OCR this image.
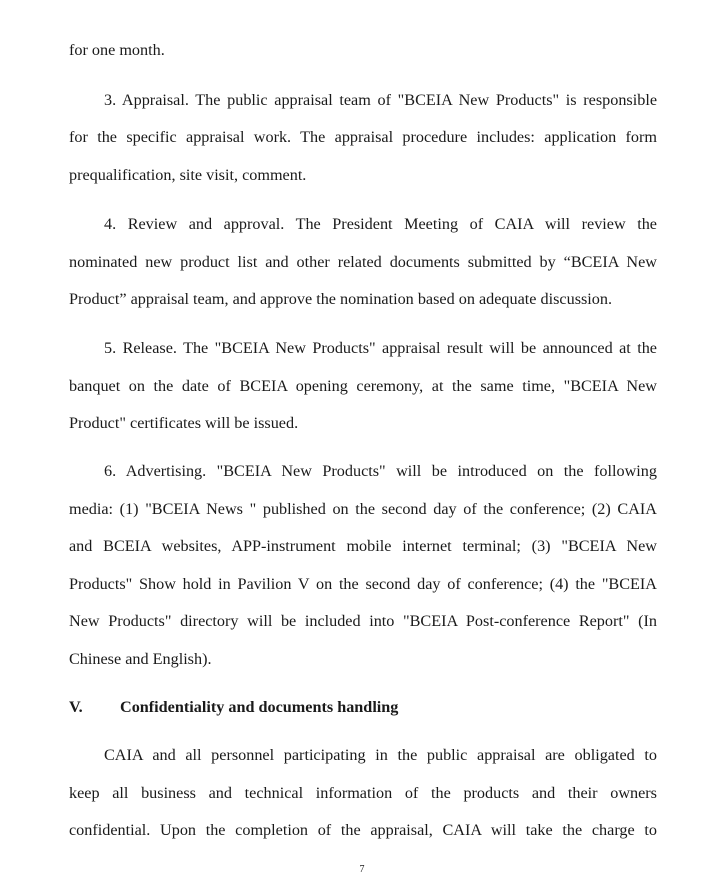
for one month.
3. Appraisal. The public appraisal team of "BCEIA New Products" is responsible
for the specific appraisal work. The appraisal procedure includes: application form
prequalification, site visit, comment.
4. Review and approval. The President Meeting of CAIA will review the
nominated new product list and other related documents submitted by “BCEIA New
Product” appraisal team, and approve the nomination based on adequate discussion.
5. Release. The "BCEIA New Products" appraisal result will be announced at the
banquet on the date of BCEIA opening ceremony, at the same time, "BCEIA New
Product" certificates will be issued.
6. Advertising. "BCEIA New Products" will be introduced on the following
media: (1) "BCEIA News " published on the second day of the conference; (2) CAIA
and BCEIA websites, APP-instrument mobile internet terminal; (3) "BCEIA New
Products" Show hold in Pavilion V on the second day of conference; (4) the "BCEIA
New Products" directory will be included into "BCEIA Post-conference Report" (In
Chinese and English).
V. Confidentiality and documents handling
CAIA and all personnel participating in the public appraisal are obligated to
keep all business and technical information of the products and their owners
confidential. Upon the completion of the appraisal, CAIA will take the charge to
7
